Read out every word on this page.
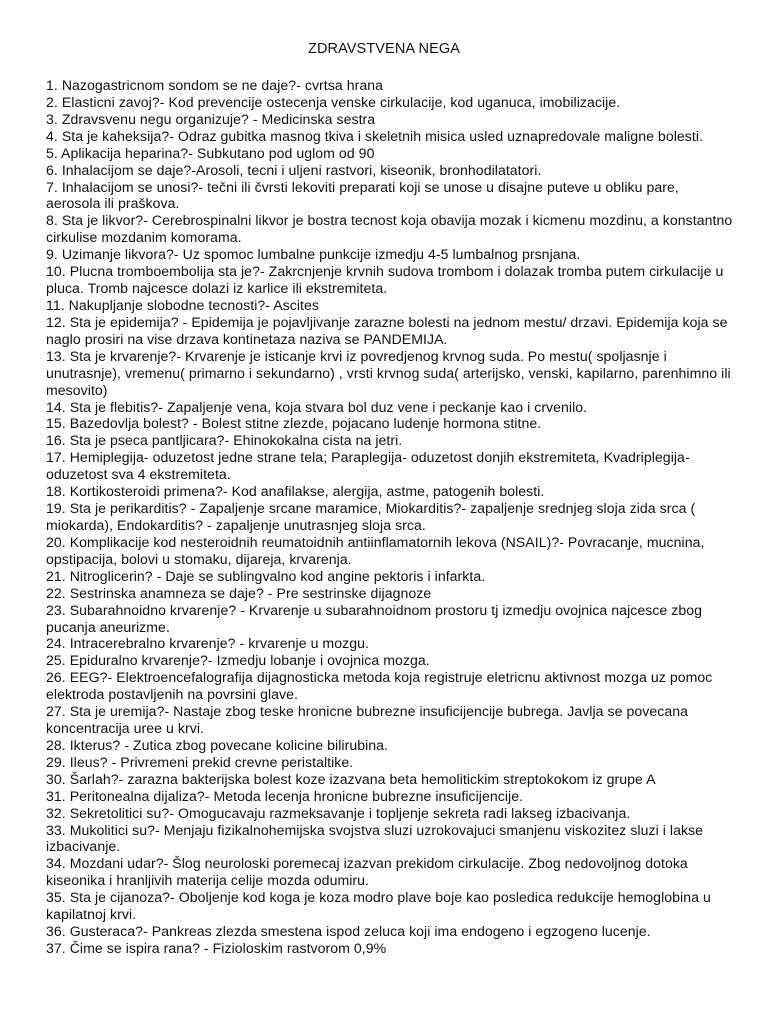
ZDRAVSTVENA NEGA

1. Nazogastricnom sondom se ne daje?- cvrtsa hrana

2. Elasticni zavoj?- Kod prevencije ostecenja venske cirkulacije, kod uganuca, imobilizacije.

3. Zdravsvenu negu organizuje? - Medicinska sestra

4. Sta je kaheksija?- Odraz gubitka masnog tkiva i skeletnih misica usled uznapredovale maligne bolesti.

5. Aplikacija heparina?- Subkutano pod uglom od 90

6. Inhalacijom se daje?-Arosoli, tecni i uljeni rastvori, kiseonik, bronhodilatatori.

7. Inhalacijom se unosi?- tečni ili čvrsti lekoviti preparati koji se unose u disajne puteve u obliku pare, aerosola ili praškova.

8. Sta je likvor?- Cerebrospinalni likvor je bostra tecnost koja obavija mozak i kicmenu mozdinu, a konstantno cirkulise mozdanim komorama.

9. Uzimanje likvora?- Uz spomoc lumbalne punkcije izmedju 4-5 lumbalnog prsnjana.

10. Plucna tromboembolija sta je?- Zakrcnjenje krvnih sudova trombom i dolazak tromba putem cirkulacije u pluca. Tromb najcesce dolazi iz karlice ili ekstremiteta.

11. Nakupljanje slobodne tecnosti?- Ascites

12. Sta je epidemija? - Epidemija je pojavljivanje zarazne bolesti na jednom mestu/ drzavi. Epidemija koja se naglo prosiri na vise drzava kontinetaza naziva se PANDEMIJA.

13. Sta je krvarenje?- Krvarenje je isticanje krvi iz povredjenog krvnog suda. Po mestu( spoljasnje i unutrasnje), vremenu( primarno i sekundarno) , vrsti krvnog suda( arterijsko, venski, kapilarno, parenhimno ili mesovito)

14. Sta je flebitis?- Zapaljenje vena, koja stvara bol duz vene i peckanje kao i crvenilo.

15. Bazedovlja bolest? - Bolest stitne zlezde, pojacano ludenje hormona stitne.

16. Sta je pseca pantljicara?- Ehinokokalna cista na jetri.

17. Hemiplegija- oduzetost jedne strane tela; Paraplegija- oduzetost donjih ekstremiteta, Kvadriplegija- oduzetost sva 4 ekstremiteta.

18. Kortikosteroidi primena?- Kod anafilakse, alergija, astme, patogenih bolesti.

19. Sta je perikarditis? - Zapaljenje srcane maramice, Miokarditis?- zapaljenje srednjeg sloja zida srca ( miokarda), Endokarditis? - zapaljenje unutrasnjeg sloja srca.

20. Komplikacije kod nesteroidnih reumatoidnih antiinflamatornih lekova (NSAIL)?- Povracanje, mucnina, opstipacija, bolovi u stomaku, dijareja, krvarenja.

21. Nitroglicerin? - Daje se sublingvalno kod angine pektoris i infarkta.

22. Sestrinska anamneza se daje? - Pre sestrinske dijagnoze

23. Subarahnoidno krvarenje? - Krvarenje u subarahnoidnom prostoru tj izmedju ovojnica najcesce zbog pucanja aneurizme.

24. Intracerebralno krvarenje? - krvarenje u mozgu.

25. Epiduralno krvarenje?- Izmedju lobanje i ovojnica mozga.

26. EEG?- Elektroencefalografija dijagnosticka metoda koja registruje eletricnu aktivnost mozga uz pomoc elektroda postavljenih na povrsini glave.

27. Sta je uremija?- Nastaje zbog teske hronicne bubrezne insuficijencije bubrega. Javlja se povecana koncentracija uree u krvi.

28. Ikterus? - Zutica zbog povecane kolicine bilirubina.

29. Ileus? - Privremeni prekid crevne peristaltike.

30. Šarlah?- zarazna bakterijska bolest koze izazvana beta hemolitickim streptokokom iz grupe A

31. Peritonealna dijaliza?- Metoda lecenja hronicne bubrezne insuficijencije.

32. Sekretolitici su?- Omogucavaju razmeksavanje i topljenje sekreta radi lakseg izbacivanja.

33. Mukolitici su?- Menjaju fizikalnohemijska svojstva sluzi uzrokovajuci smanjenu viskozitez sluzi i lakse izbacivanje.

34. Mozdani udar?- Šlog neuroloski poremecaj izazvan prekidom cirkulacije. Zbog nedovoljnog dotoka kiseonika i hranljivih materija celije mozda odumiru.

35. Sta je cijanoza?- Oboljenje kod koga je koza modro plave boje kao posledica redukcije hemoglobina u kapilatnoj krvi.

36. Gusteraca?- Pankreas zlezda smestena ispod zeluca koji ima endogeno i egzogeno lucenje.

37. Čime se ispira rana? - Fizioloskim rastvorom 0,9%
